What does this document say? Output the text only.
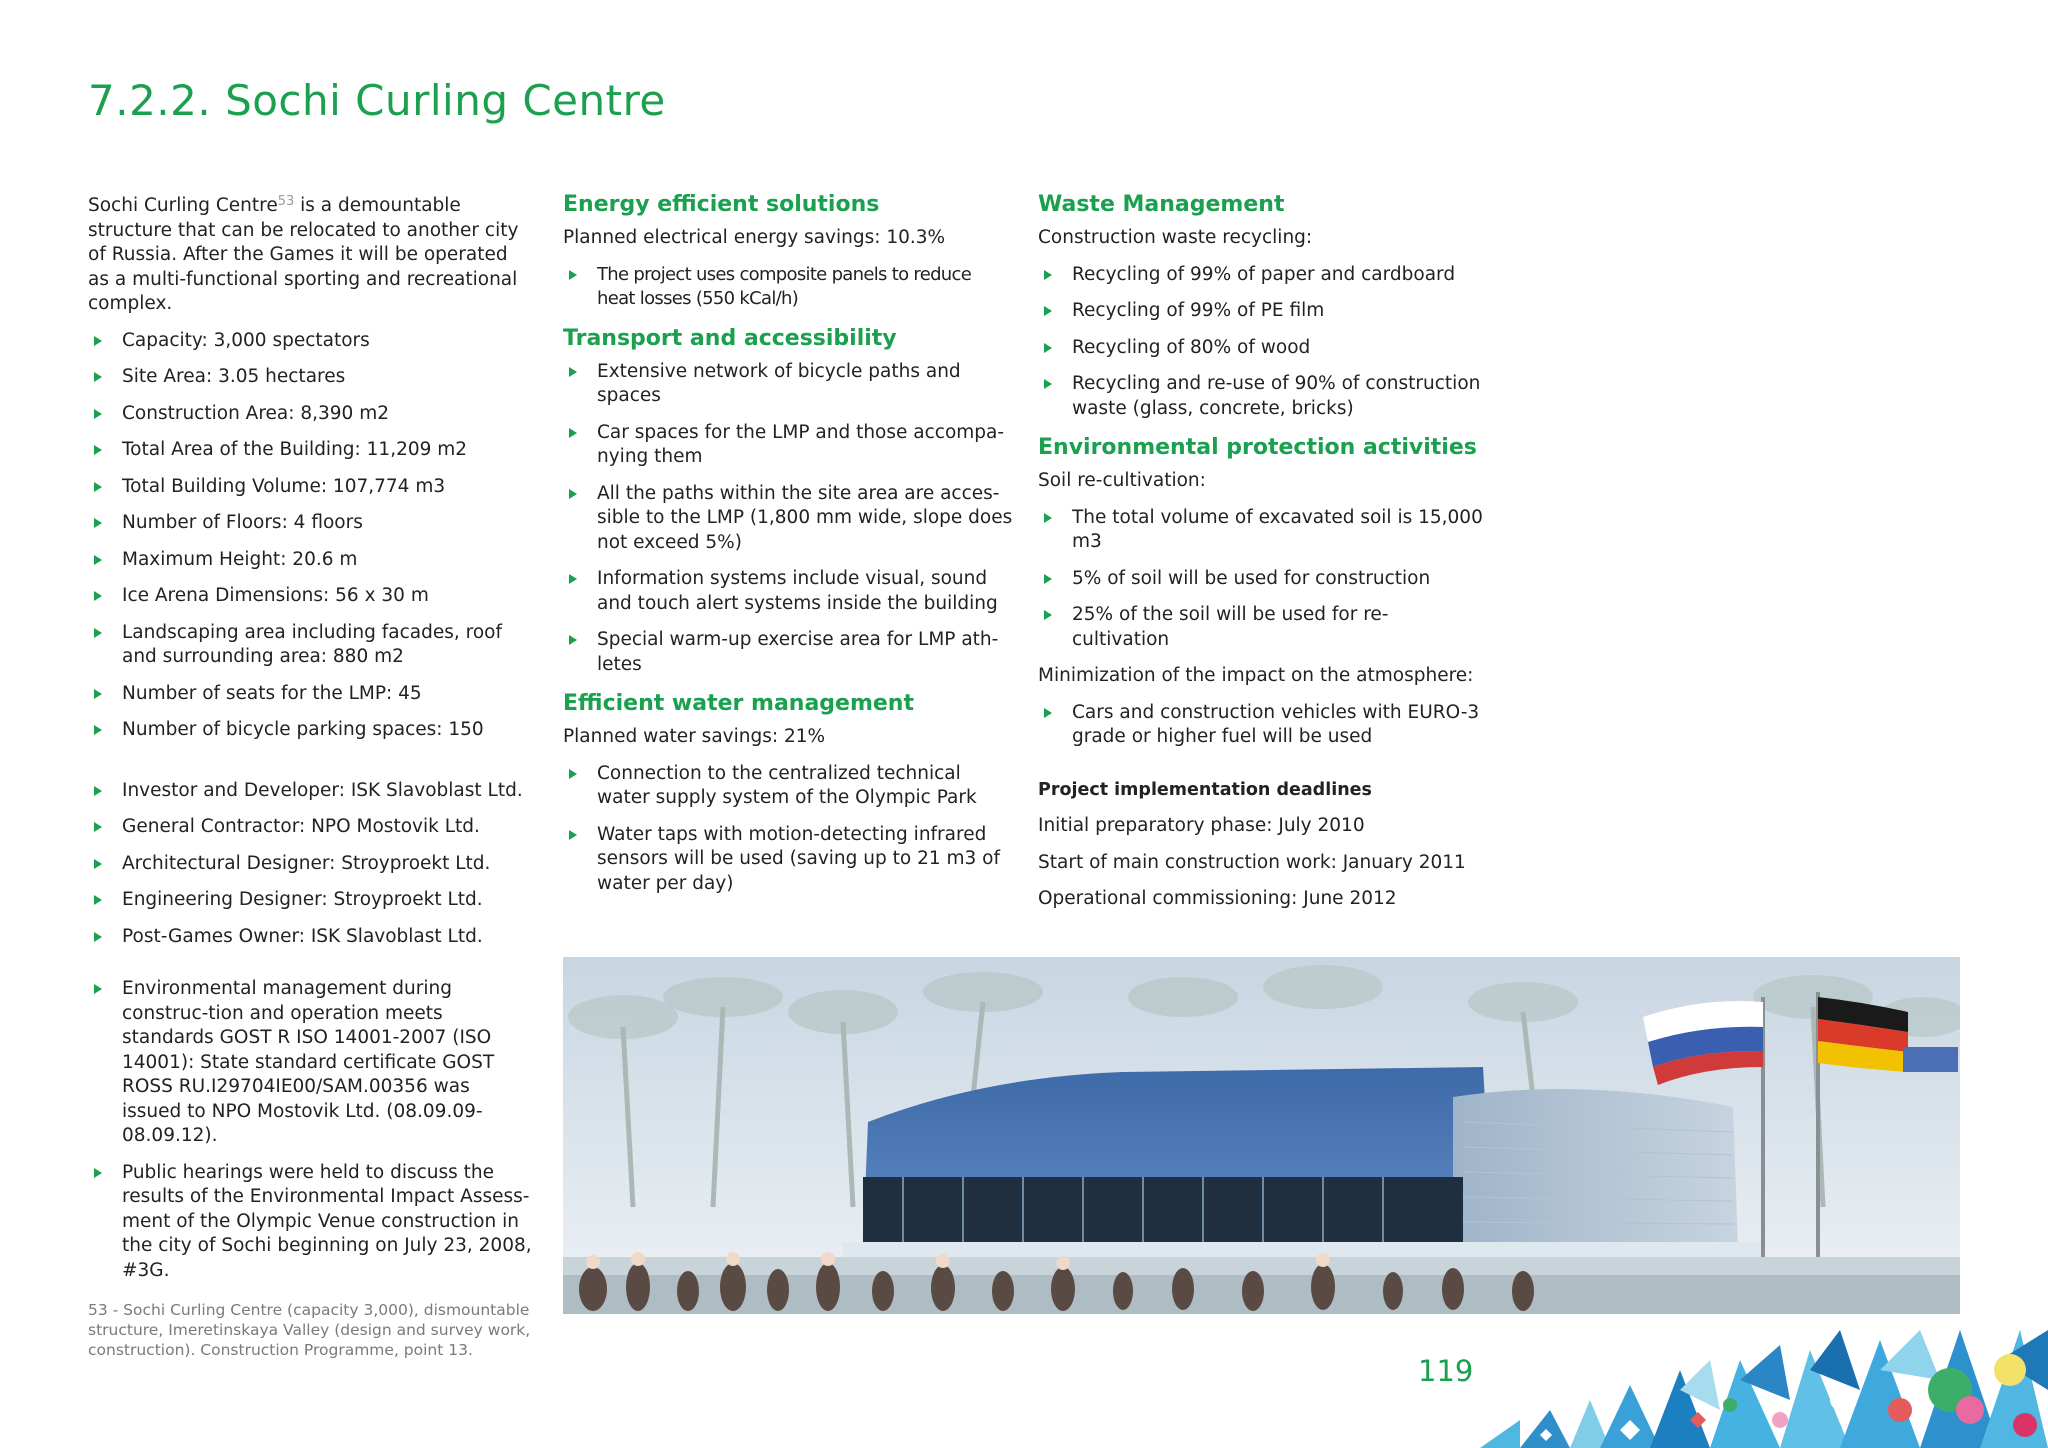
7.2.2. Sochi Curling Centre

Sochi Curling Centre$^{53}$ is a demountable structure that can be relocated to another city of Russia. After the Games it will be operated as a multi-functional sporting and recreational complex.

Capacity: 3,000 spectators
Site Area: 3.05 hectares
Construction Area: 8,390 m2
Total Area of the Building: 11,209 m2
Total Building Volume: 107,774 m3
Number of Floors: 4 floors
Maximum Height: 20.6 m
Ice Arena Dimensions: 56 x 30 m
Landscaping area including facades, roof and surrounding area: 880 m2
Number of seats for the LMP: 45
Number of bicycle parking spaces: 150
Investor and Developer: ISK Slavoblast Ltd.
General Contractor: NPO Mostovik Ltd.
Architectural Designer: Stroyproekt Ltd.
Engineering Designer: Stroyproekt Ltd.
Post-Games Owner: ISK Slavoblast Ltd.
Environmental management during construc-tion and operation meets standards GOST R ISO 14001-2007 (ISO 14001): State standard certificate GOST ROSS RU.I29704IE00/SAM.00356 was issued to NPO Mostovik Ltd. (08.09.09-08.09.12).
Public hearings were held to discuss the results of the Environmental Impact Assess-ment of the Olympic Venue construction in the city of Sochi beginning on July 23, 2008, #3G.
53 - Sochi Curling Centre (capacity 3,000), dismountable structure, Imeretinskaya Valley (design and survey work, construction). Construction Programme, point 13.
Energy efficient solutions

Planned electrical energy savings: 10.3%

The project uses composite panels to reduce heat losses (550 kCal/h)
Transport and accessibility
Extensive network of bicycle paths and spaces
Car spaces for the LMP and those accompa-nying them
All the paths within the site area are acces-sible to the LMP (1,800 mm wide, slope does not exceed 5%)
Information systems include visual, sound and touch alert systems inside the building
Special warm-up exercise area for LMP ath-letes
Efficient water management

Planned water savings: 21%

Connection to the centralized technical water supply system of the Olympic Park
Water taps with motion-detecting infrared sensors will be used (saving up to 21 m3 of water per day)
Waste Management

Construction waste recycling:

Recycling of 99% of paper and cardboard
Recycling of 99% of PE film
Recycling of 80% of wood
Recycling and re-use of 90% of construction waste (glass, concrete, bricks)
Environmental protection activities

Soil re-cultivation:

The total volume of excavated soil is 15,000 m3
5% of soil will be used for construction
25% of the soil will be used for re-cultivation

Minimization of the impact on the atmosphere:

Cars and construction vehicles with EURO-3 grade or higher fuel will be used

Project implementation deadlines

Initial preparatory phase: July 2010

Start of main construction work: January 2011

Operational commissioning: June 2012

119
